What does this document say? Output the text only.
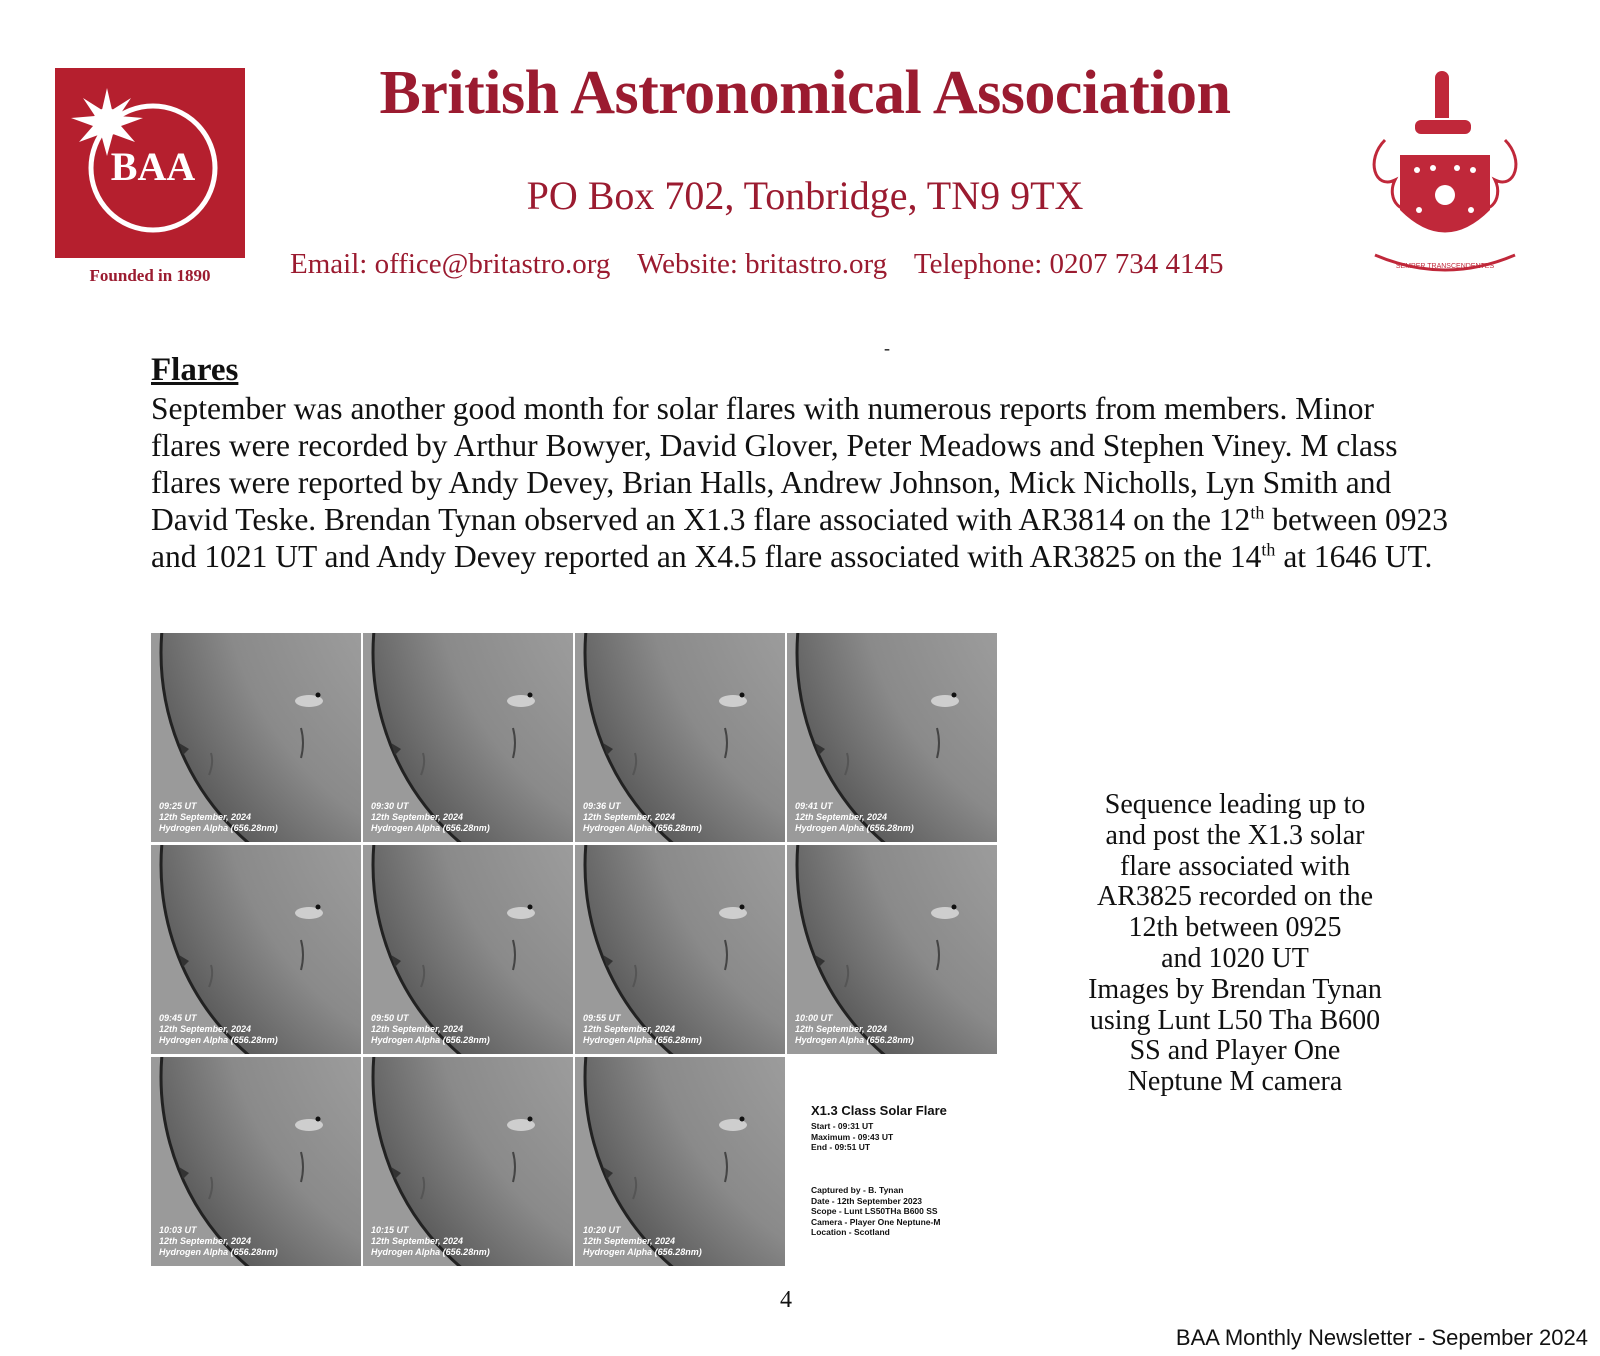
BAA
Founded in 1890
British Astronomical Association
PO Box 702, Tonbridge, TN9 9TX
Email: office@britastro.org Website: britastro.org Telephone: 0207 734 4145	SEMPER TRANSCENDENTES
-
Flares

September was another good month for solar flares with numerous reports from members. Minor flares were recorded by Arthur Bowyer, David Glover, Peter Meadows and Stephen Viney. M class flares were reported by Andy Devey, Brian Halls, Andrew Johnson, Mick Nicholls, Lyn Smith and David Teske. Brendan Tynan observed an X1.3 flare associated with AR3814 on the 12th between 0923 and 1021 UT and Andy Devey reported an X4.5 flare associated with AR3825 on the 14th at 1646 UT.

X1.3 Class Solar Flare
Start - 09:31 UT
Maximum - 09:43 UT
End - 09:51 UT
Captured by - B. Tynan
Date - 12th September 2023
Scope - Lunt LS50THa B600 SS
Camera - Player One Neptune-M
Location - Scotland
09:25 UT
12th September, 2024
Hydrogen Alpha (656.28nm)
09:30 UT
12th September, 2024
Hydrogen Alpha (656.28nm)
09:36 UT
12th September, 2024
Hydrogen Alpha (656.28nm)
09:41 UT
12th September, 2024
Hydrogen Alpha (656.28nm)
09:45 UT
12th September, 2024
Hydrogen Alpha (656.28nm)
09:50 UT
12th September, 2024
Hydrogen Alpha (656.28nm)
09:55 UT
12th September, 2024
Hydrogen Alpha (656.28nm)
10:00 UT
12th September, 2024
Hydrogen Alpha (656.28nm)
10:03 UT
12th September, 2024
Hydrogen Alpha (656.28nm)
10:15 UT
12th September, 2024
Hydrogen Alpha (656.28nm)
10:20 UT
12th September, 2024
Hydrogen Alpha (656.28nm)
Sequence leading up to
and post the X1.3 solar
flare associated with
AR3825 recorded on the
12th between 0925
and 1020 UT
Images by Brendan Tynan
using Lunt L50 Tha B600
SS and Player One
Neptune M camera
4
BAA Monthly Newsletter - Sepember 2024
